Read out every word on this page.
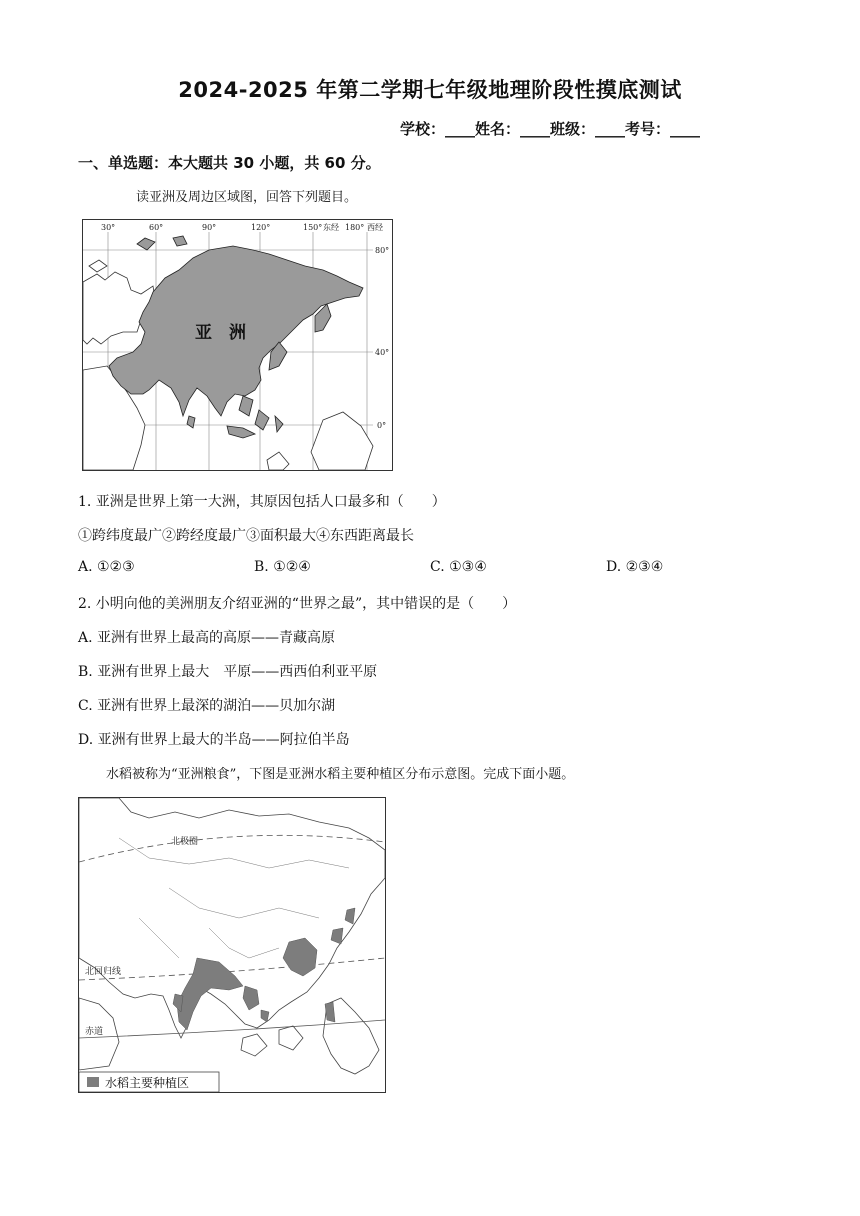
2024-2025 年第二学期七年级地理阶段性摸底测试
学校：____姓名：____班级：____考号：____
一、单选题：本大题共 30 小题，共 60 分。
读亚洲及周边区域图，回答下列题目。
30°	60°	90°	120°	150° 东经 180° 西经
80°
40°
0°
亚　洲
1. 亚洲是世界上第一大洲，其原因包括人口最多和（　　）
①跨纬度最广②跨经度最广③面积最大④东西距离最长
A. ①②③	B. ①②④	C. ①③④	D. ②③④
2. 小明向他的美洲朋友介绍亚洲的“世界之最”，其中错误的是（　　）
A. 亚洲有世界上最高的高原——青藏高原
B. 亚洲有世界上最大　平原——西西伯利亚平原
C. 亚洲有世界上最深的湖泊——贝加尔湖
D. 亚洲有世界上最大的半岛——阿拉伯半岛
水稻被称为“亚洲粮食”，下图是亚洲水稻主要种植区分布示意图。完成下面小题。
北极圈
北回归线
赤道
水稻主要种植区
